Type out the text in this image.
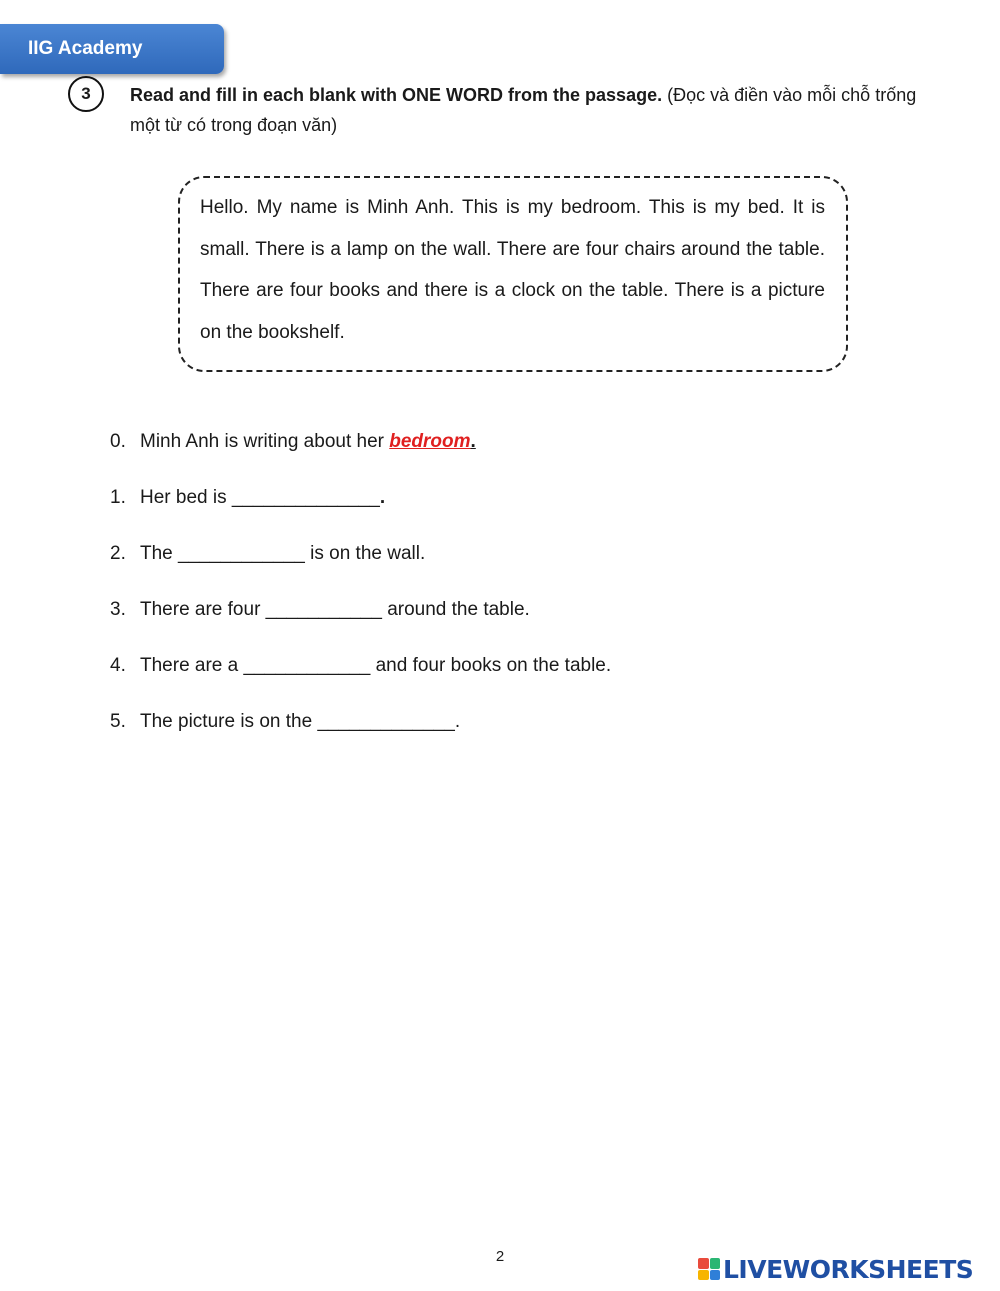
IIG Academy
3	Read and fill in each blank with ONE WORD from the passage. (Đọc và điền vào mỗi chỗ trống một từ có trong đoạn văn)
Hello. My name is Minh Anh. This is my bedroom. This is my bed. It is small. There is a lamp on the wall. There are four chairs around the table. There are four books and there is a clock on the table. There is a picture on the bookshelf.
0. Minh Anh is writing about her bedroom.
1. Her bed is ______________.
2. The ____________ is on the wall.
3. There are four ___________ around the table.
4. There are a ____________ and four books on the table.
5. The picture is on the _____________.
2	LIVEWORKSHEETS
